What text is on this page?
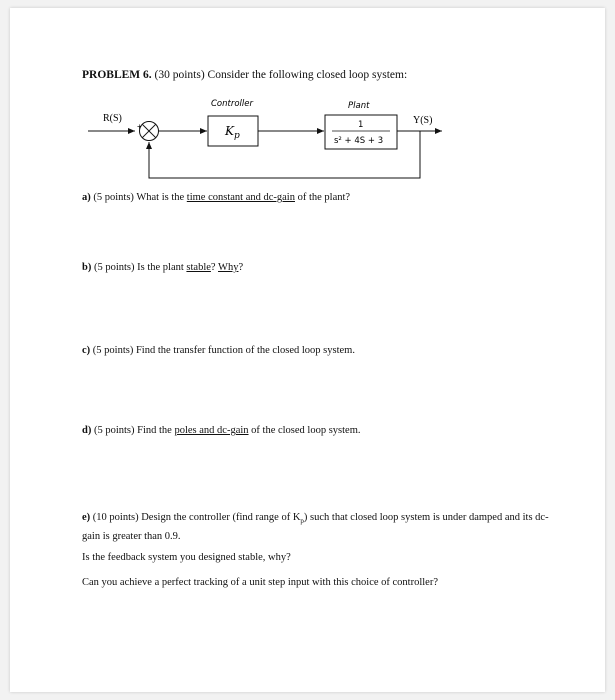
PROBLEM 6. (30 points) Consider the following closed loop system:
R(S)
+
-
Controller
$K_p$
Plant
1
s² + 4S + 3
Y(S)
a) (5 points) What is the time constant and dc-gain of the plant?
b) (5 points) Is the plant stable? Why?
c) (5 points) Find the transfer function of the closed loop system.
d) (5 points) Find the poles and dc-gain of the closed loop system.
e) (10 points) Design the controller (find range of $K_p$) such that closed loop system is under damped and its dc-gain is greater than 0.9.
Is the feedback system you designed stable, why?
Can you achieve a perfect tracking of a unit step input with this choice of controller?
